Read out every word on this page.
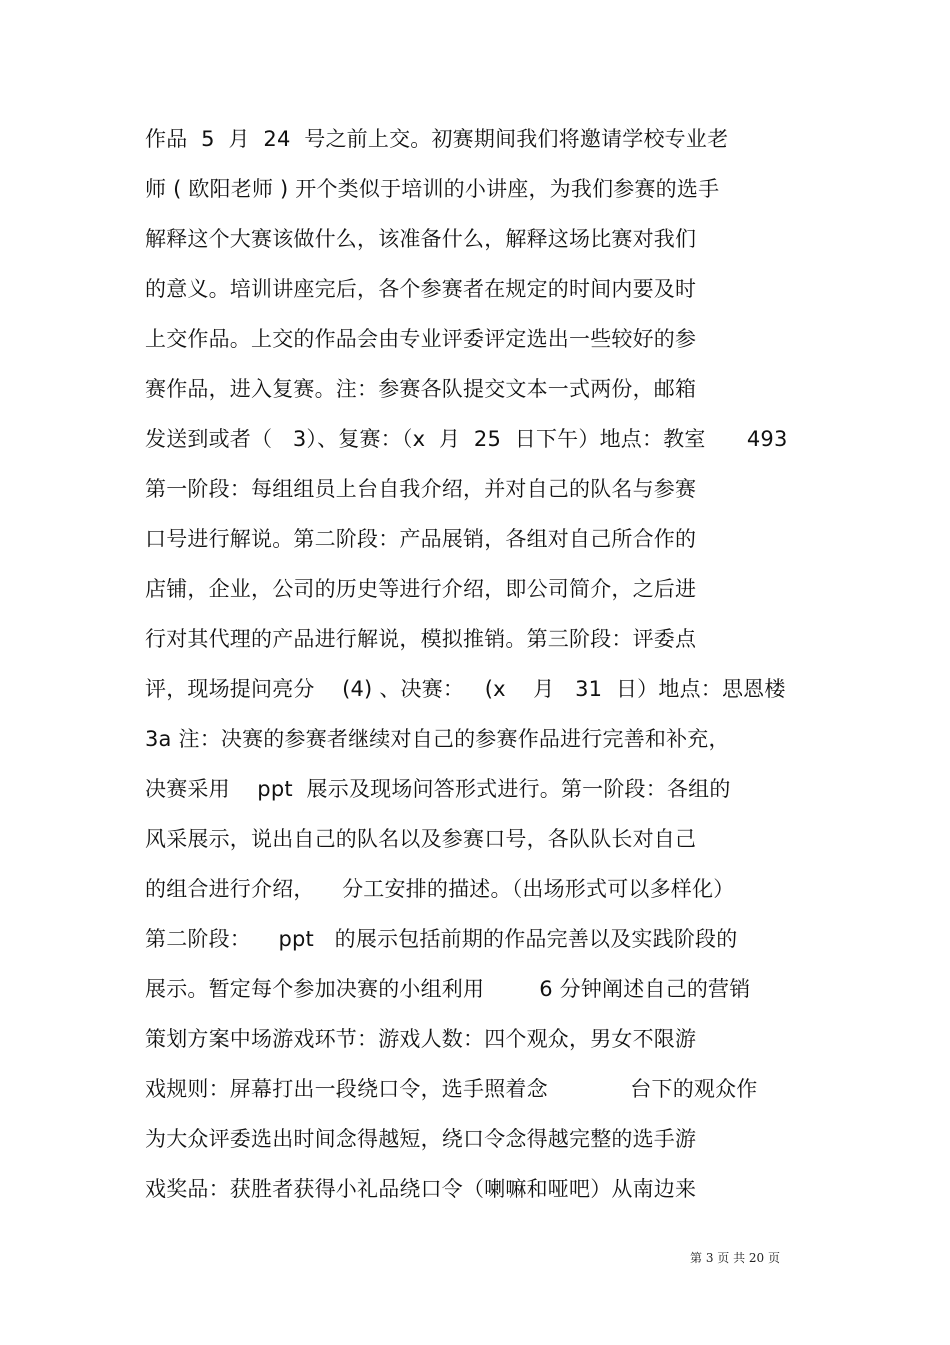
作品  5  月  24  号之前上交。初赛期间我们将邀请学校专业老
师 ( 欧阳老师 ) 开个类似于培训的小讲座，为我们参赛的选手
解释这个大赛该做什么，该准备什么，解释这场比赛对我们
的意义。培训讲座完后，各个参赛者在规定的时间内要及时
上交作品。上交的作品会由专业评委评定选出一些较好的参
赛作品，进入复赛。注：参赛各队提交文本一式两份，邮箱
发送到或者（   3）、复赛：（x  月  25  日下午）地点：教室      493
第一阶段：每组组员上台自我介绍，并对自己的队名与参赛
口号进行解说。第二阶段：产品展销，各组对自己所合作的
店铺，企业，公司的历史等进行介绍，即公司简介，之后进
行对其代理的产品进行解说，模拟推销。第三阶段：评委点
评，现场提问亮分    (4) 、决赛：   (x    月   31  日）地点：思恩楼
3a 注：决赛的参赛者继续对自己的参赛作品进行完善和补充，
决赛采用    ppt  展示及现场问答形式进行。第一阶段：各组的
风采展示，说出自己的队名以及参赛口号，各队队长对自己
的组合进行介绍，    分工安排的描述。（出场形式可以多样化）
第二阶段：    ppt   的展示包括前期的作品完善以及实践阶段的
展示。暂定每个参加决赛的小组利用        6 分钟阐述自己的营销
策划方案中场游戏环节：游戏人数：四个观众，男女不限游
戏规则：屏幕打出一段绕口令，选手照着念            台下的观众作
为大众评委选出时间念得越短，绕口令念得越完整的选手游
戏奖品：获胜者获得小礼品绕口令（喇嘛和哑吧）从南边来
第 3 页 共 20 页
